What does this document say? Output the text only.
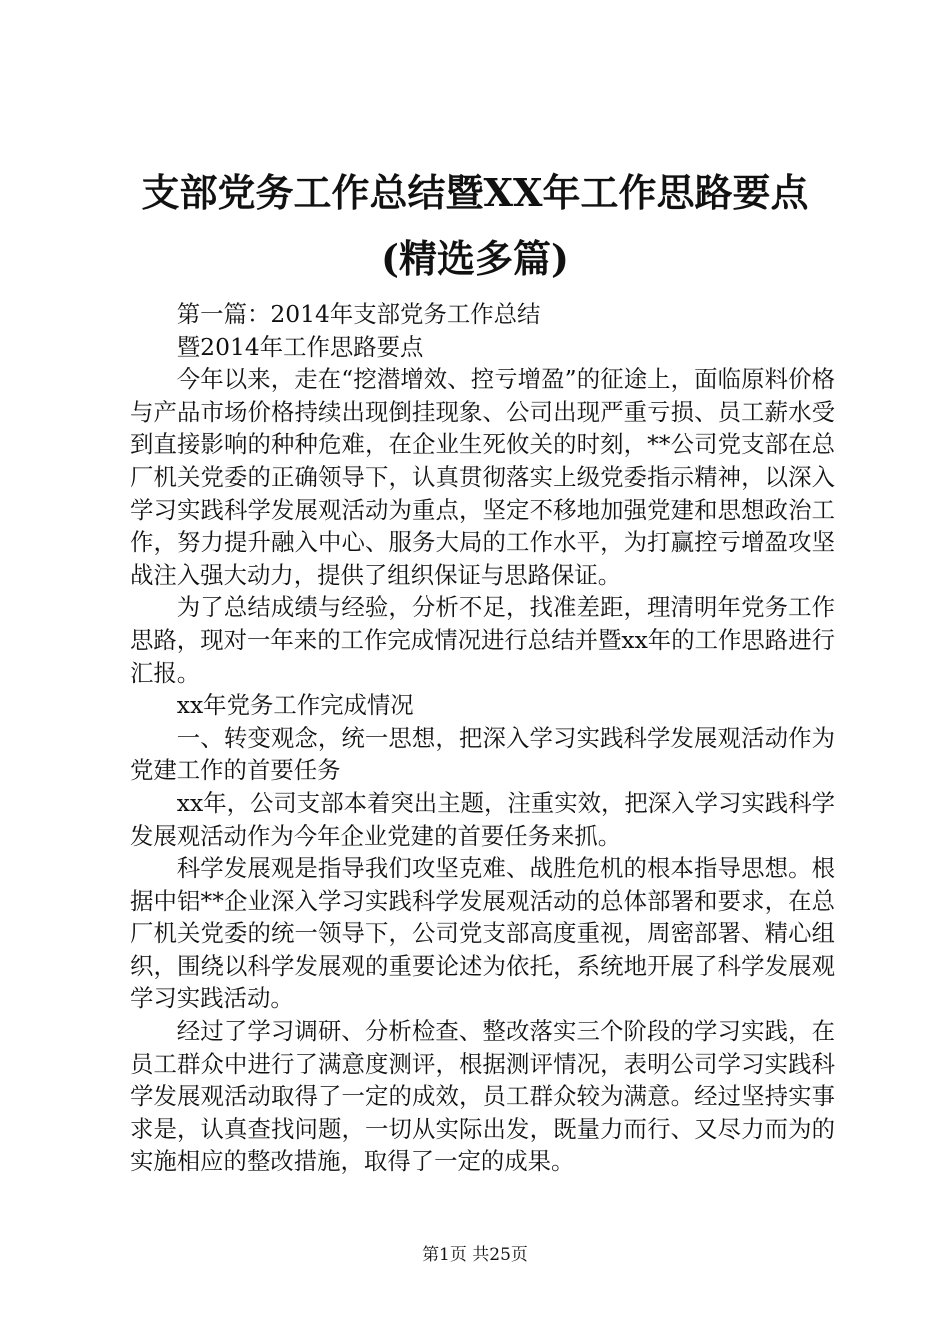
支部党务工作总结暨XX年工作思路要点(精选多篇)

第一篇：2014年支部党务工作总结

暨2014年工作思路要点

今年以来，走在“挖潜增效、控亏增盈”的征途上，面临原料价格与产品市场价格持续出现倒挂现象、公司出现严重亏损、员工薪水受到直接影响的种种危难，在企业生死攸关的时刻，**公司党支部在总厂机关党委的正确领导下，认真贯彻落实上级党委指示精神，以深入学习实践科学发展观活动为重点，坚定不移地加强党建和思想政治工作，努力提升融入中心、服务大局的工作水平，为打赢控亏增盈攻坚战注入强大动力，提供了组织保证与思路保证。

为了总结成绩与经验，分析不足，找准差距，理清明年党务工作思路，现对一年来的工作完成情况进行总结并暨xx年的工作思路进行汇报。

xx年党务工作完成情况

一、转变观念，统一思想，把深入学习实践科学发展观活动作为党建工作的首要任务

xx年，公司支部本着突出主题，注重实效，把深入学习实践科学发展观活动作为今年企业党建的首要任务来抓。

科学发展观是指导我们攻坚克难、战胜危机的根本指导思想。根据中铝**企业深入学习实践科学发展观活动的总体部署和要求，在总厂机关党委的统一领导下，公司党支部高度重视，周密部署、精心组织，围绕以科学发展观的重要论述为依托，系统地开展了科学发展观学习实践活动。

经过了学习调研、分析检查、整改落实三个阶段的学习实践，在员工群众中进行了满意度测评，根据测评情况，表明公司学习实践科学发展观活动取得了一定的成效，员工群众较为满意。经过坚持实事求是，认真查找问题，一切从实际出发，既量力而行、又尽力而为的实施相应的整改措施，取得了一定的成果。

第1页 共25页
